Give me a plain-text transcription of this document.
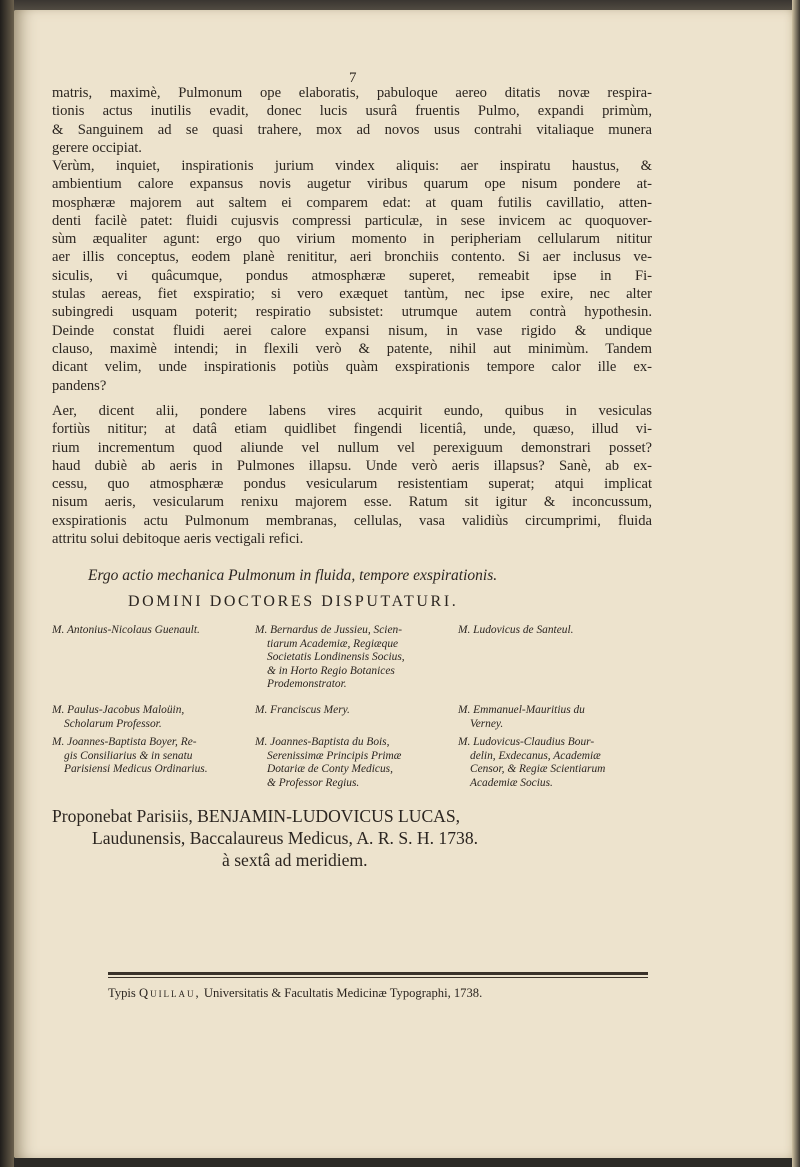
7
matris, maximè, Pulmonum ope elaboratis, pabuloque aereo ditatis novæ respira-
tionis actus inutilis evadit, donec lucis usurâ fruentis Pulmo, expandi primùm,
& Sanguinem ad se quasi trahere, mox ad novos usus contrahi vitaliaque munera
gerere occipiat.
Verùm, inquiet, inspirationis jurium vindex aliquis: aer inspiratu haustus, &
ambientium calore expansus novis augetur viribus quarum ope nisum pondere at-
mosphæræ majorem aut saltem ei comparem edat: at quam futilis cavillatio, atten-
denti facilè patet: fluidi cujusvis compressi particulæ, in sese invicem ac quoquover-
sùm æqualiter agunt: ergo quo virium momento in peripheriam cellularum nititur
aer illis conceptus, eodem planè renititur, aeri bronchiis contento. Si aer inclusus ve-
siculis, vi quâcumque, pondus atmosphæræ superet, remeabit ipse in Fi-
stulas aereas, fiet exspiratio; si vero exæquet tantùm, nec ipse exire, nec alter
subingredi usquam poterit; respiratio subsistet: utrumque autem contrà hypothesin.
Deinde constat fluidi aerei calore expansi nisum, in vase rigido & undique
clauso, maximè intendi; in flexili verò & patente, nihil aut minimùm. Tandem
dicant velim, unde inspirationis potiùs quàm exspirationis tempore calor ille ex-
pandens?
Aer, dicent alii, pondere labens vires acquirit eundo, quibus in vesiculas
fortiùs nititur; at datâ etiam quidlibet fingendi licentiâ, unde, quæso, illud vi-
rium incrementum quod aliunde vel nullum vel perexiguum demonstrari posset?
haud dubiè ab aeris in Pulmones illapsu. Unde verò aeris illapsus? Sanè, ab ex-
cessu, quo atmosphæræ pondus vesicularum resistentiam superat; atqui implicat
nisum aeris, vesicularum renixu majorem esse. Ratum sit igitur & inconcussum,
exspirationis actu Pulmonum membranas, cellulas, vasa validiùs circumprimi, fluida
attritu solui debitoque aeris vectigali refici.
Ergo actio mechanica Pulmonum in fluida, tempore exspirationis.
DOMINI DOCTORES DISPUTATURI.
M. Antonius-Nicolaus Guenault.	M. Bernardus de Jussieu, Scien-
tiarum Academiæ, Regiæque
Societatis Londinensis Socius,
& in Horto Regio Botanices
Prodemonstrator.
M. Ludovicus de Santeul.
M. Paulus-Jacobus Maloüin,
Scholarum Professor.
M. Franciscus Mery.	M. Emmanuel-Mauritius du
Verney.
M. Joannes-Baptista Boyer, Re-
gis Consiliarius & in senatu
Parisiensi Medicus Ordinarius.
M. Joannes-Baptista du Bois,
Serenissimæ Principis Primæ
Dotariæ de Conty Medicus,
& Professor Regius.
M. Ludovicus-Claudius Bour-
delin, Exdecanus, Academiæ
Censor, & Regiæ Scientiarum
Academiæ Socius.
Proponebat Parisiis, BENJAMIN-LUDOVICUS LUCAS,
Laudunensis, Baccalaureus Medicus, A. R. S. H. 1738.
à sextâ ad meridiem.
Typis Quillau, Universitatis & Facultatis Medicinæ Typographi, 1738.
